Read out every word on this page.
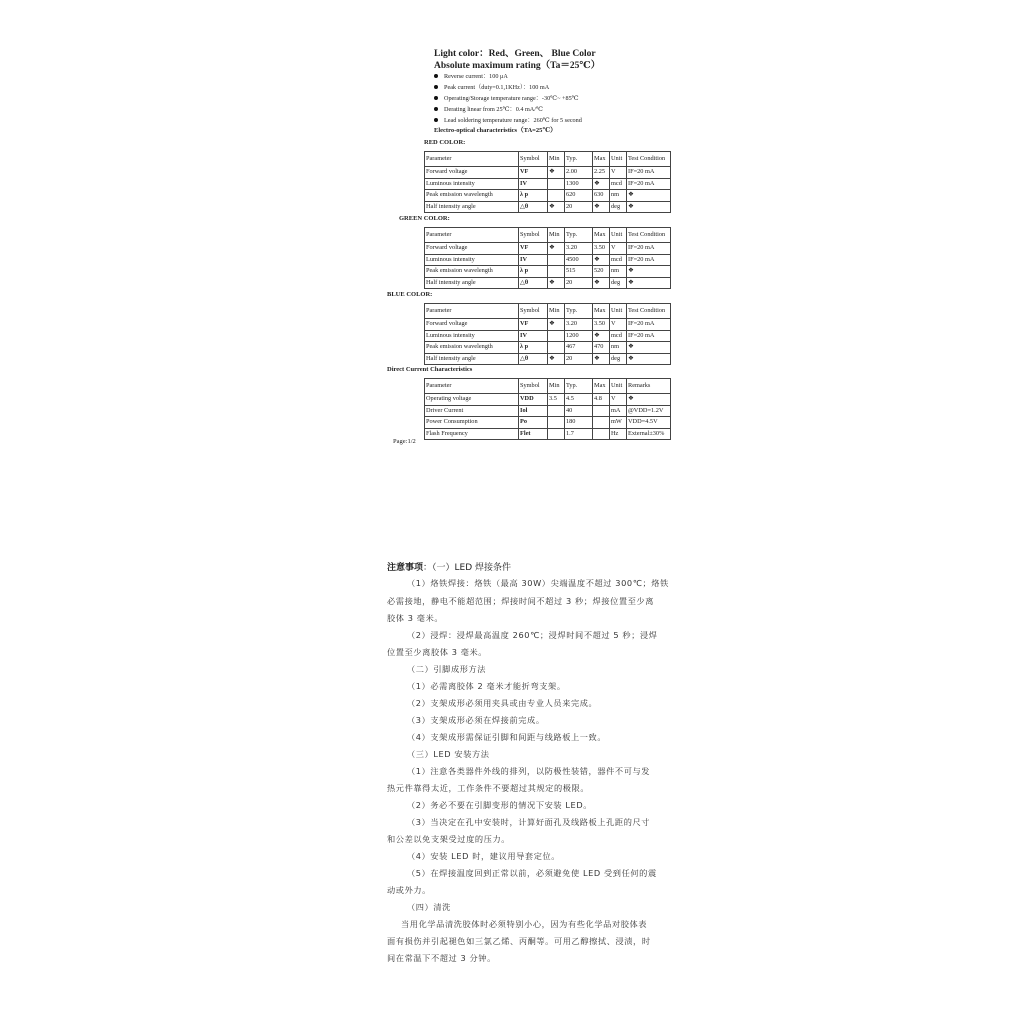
Light color：Red、Green、 Blue Color
Absolute maximum rating（Ta＝25℃）
Reverse current：100 μA
Peak current（duty=0.1,1KHz）：100 mA
Operating/Storage temperature range：-30℃~ +85℃
Derating linear from 25℃：0.4 mA/℃
Lead soldering temperature range：260℃ for 5 second
Electro-optical characteristics（TA=25℃）
RED COLOR:
Parameter	Symbol	Min	Typ.	Max	Unit	Test Condition
Forward voltage	VF	❖	2.00	2.25	V	IF=20 mA
Luminous intensity	IV		1300	❖	mcd	IF=20 mA
Peak emission wavelength	λ p		620	630	nm	❖
Half intensity angle	△θ	❖	20	❖	deg	❖
GREEN COLOR:
Parameter	Symbol	Min	Typ.	Max	Unit	Test Condition
Forward voltage	VF	❖	3.20	3.50	V	IF=20 mA
Luminous intensity	IV		4500	❖	mcd	IF=20 mA
Peak emission wavelength	λ p		515	520	nm	❖
Half intensity angle	△θ	❖	20	❖	deg	❖
BLUE COLOR:
Parameter	Symbol	Min	Typ.	Max	Unit	Test Condition
Forward voltage	VF	❖	3.20	3.50	V	IF=20 mA
Luminous intensity	IV		1200	❖	mcd	IF=20 mA
Peak emission wavelength	λ p		467	470	nm	❖
Half intensity angle	△θ	❖	20	❖	deg	❖
Direct Current Characteristics
Parameter	Symbol	Min	Typ.	Max	Unit	Remarks
Operating voltage	VDD	3.5	4.5	4.8	V	❖
Driver Current	Iol		40		mA	@VDD=1.2V
Power Consumption	Po		180		mW	VDD=4.5V
Flash Frequency	Flet		1.7		Hz	External±30%
Page:1/2
注意事项：（一）LED 焊接条件
（1）烙铁焊接：烙铁（最高 30W）尖端温度不超过 300℃；烙铁
必需接地，静电不能超范围；焊接时间不超过 3 秒；焊接位置至少离
胶体 3 毫米。
（2）浸焊：浸焊最高温度 260℃；浸焊时间不超过 5 秒；浸焊
位置至少离胶体 3 毫米。
（二）引脚成形方法
（1）必需离胶体 2 毫米才能折弯支架。
（2）支架成形必须用夹具或由专业人员来完成。
（3）支架成形必须在焊接前完成。
（4）支架成形需保证引脚和间距与线路板上一致。
（三）LED 安装方法
（1）注意各类器件外线的排列，以防极性装错，器件不可与发
热元件靠得太近，工作条件不要超过其规定的极限。
（2）务必不要在引脚变形的情况下安装 LED。
（3）当决定在孔中安装时，计算好面孔及线路板上孔距的尺寸
和公差以免支架受过度的压力。
（4）安装 LED 时，建议用导套定位。
（5）在焊接温度回到正常以前，必须避免使 LED 受到任何的震
动或外力。
（四）清洗
当用化学品清洗胶体时必须特别小心，因为有些化学品对胶体表
面有损伤并引起褪色如三氯乙烯、丙酮等。可用乙醇擦拭、浸渍，时
间在常温下不超过 3 分钟。
